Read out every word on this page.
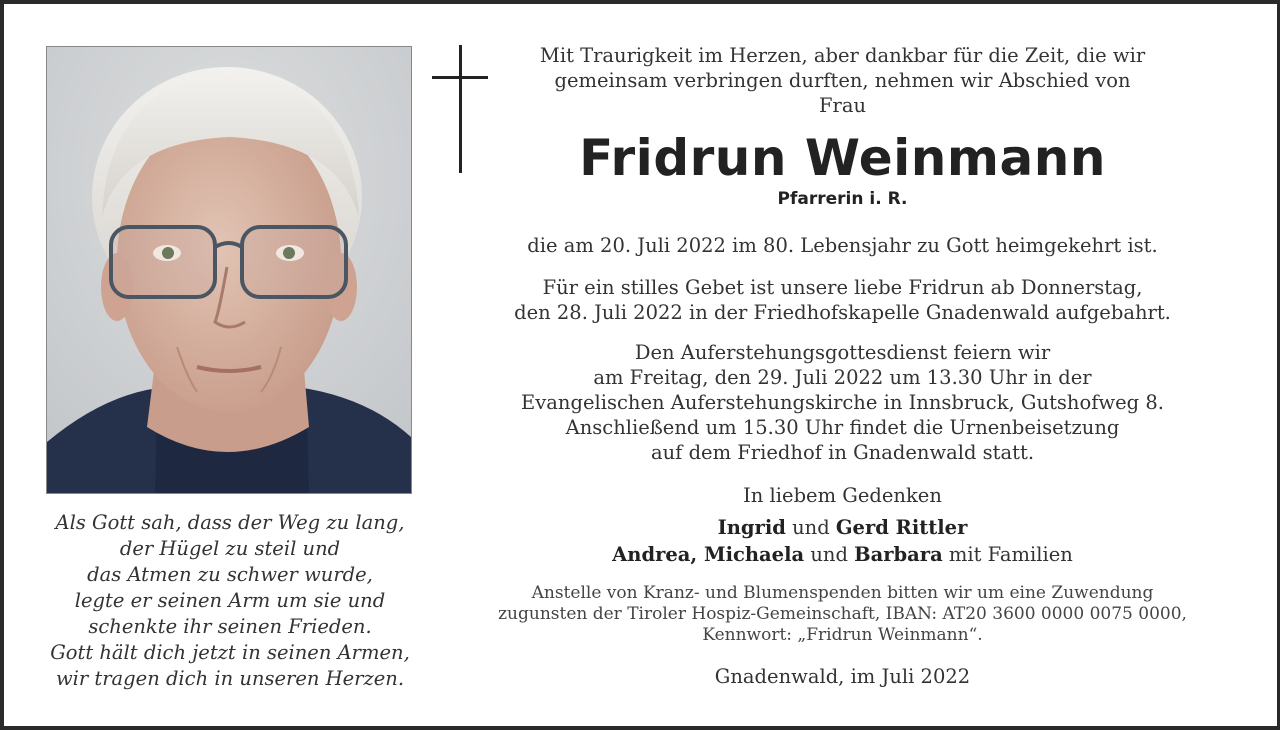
Als Gott sah, dass der Weg zu lang,
der Hügel zu steil und
das Atmen zu schwer wurde,
legte er seinen Arm um sie und
schenkte ihr seinen Frieden.
Gott hält dich jetzt in seinen Armen,
wir tragen dich in unseren Herzen.
Mit Traurigkeit im Herzen, aber dankbar für die Zeit, die wir
gemeinsam verbringen durften, nehmen wir Abschied von
Frau
Fridrun Weinmann
Pfarrerin i. R.
die am 20. Juli 2022 im 80. Lebensjahr zu Gott heimgekehrt ist.
Für ein stilles Gebet ist unsere liebe Fridrun ab Donnerstag,
den 28. Juli 2022 in der Friedhofskapelle Gnadenwald aufgebahrt.
Den Auferstehungsgottesdienst feiern wir
am Freitag, den 29. Juli 2022 um 13.30 Uhr in der
Evangelischen Auferstehungskirche in Innsbruck, Gutshofweg 8.
Anschließend um 15.30 Uhr findet die Urnenbeisetzung
auf dem Friedhof in Gnadenwald statt.
In liebem Gedenken
Ingrid und Gerd Rittler
Andrea, Michaela und Barbara mit Familien
Anstelle von Kranz- und Blumenspenden bitten wir um eine Zuwendung
zugunsten der Tiroler Hospiz-Gemeinschaft, IBAN: AT20 3600 0000 0075 0000,
Kennwort: „Fridrun Weinmann“.
Gnadenwald, im Juli 2022
